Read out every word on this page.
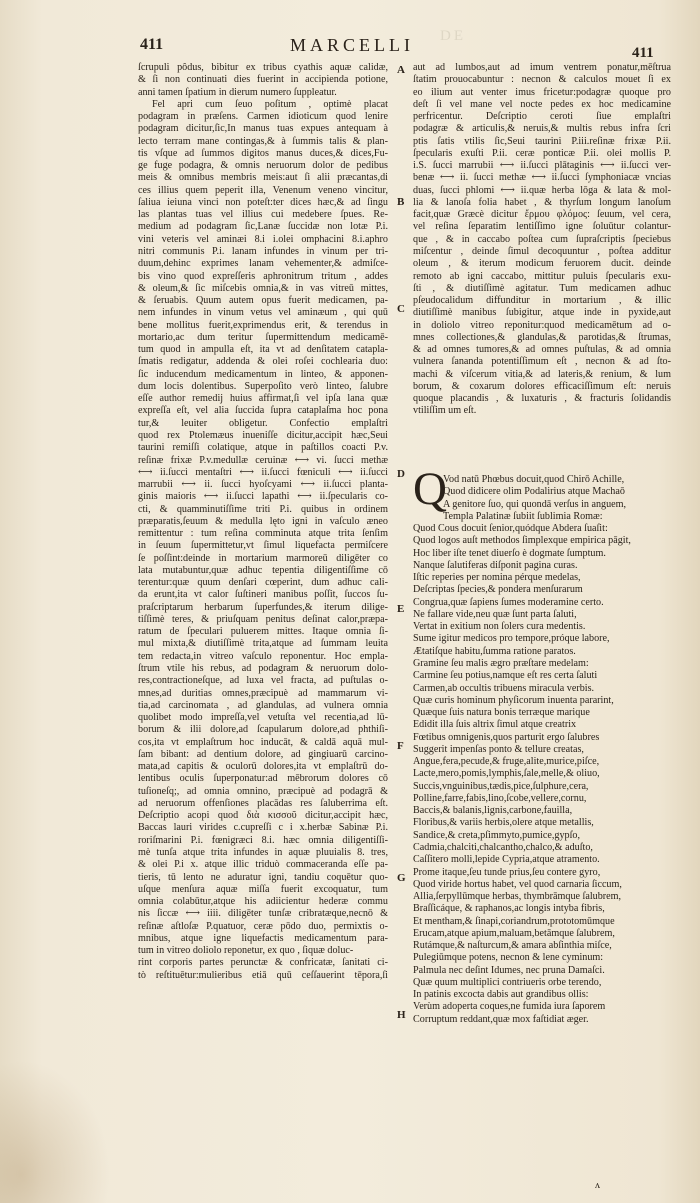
DE
411	MARCELLI	411
ſcrupuli pôdus, bibitur ex tribus cyathis aquæ calidæ,
& ſi non continuati dies fuerint in accipienda potione,
anni tamen ſpatium in dierum numero ſuppleatur.
Fel apri cum ſeuo poſitum , optimè placat
podagram in præſens. Carmen idioticum quod lenire
podagram dicitur,ſic,In manus tuas expues antequam à
lecto terram mane contingas,& à ſummis talis & plan-
tis vſque ad ſummos digitos manus duces,& dices,Fu-
ge fuge podagra, & omnis neruorum dolor de pedibus
meis & omnibus membris meis:aut ſi alii præcantas,di
ces illius quem peperit illa, Venenum veneno vincitur,
ſaliua ieiuna vinci non poteſt:ter dices hæc,& ad ſingu
las plantas tuas vel illius cui medebere ſpues. Re-
medium ad podagram ſic,Lanæ ſuccidæ non lotæ P.i.
vini veteris vel aminæi 8.i i.olei omphacini 8.i.aphro
nitri communis P.i. lanam infundes in vinum per tri-
duum,dehinc exprimes lanam vehementer,& admiſce-
bis vino quod expreſſeris aphronitrum tritum , addes
& oleum,& ſic miſcebis omnia,& in vas vitreū mittes,
& ſeruabis. Quum autem opus fuerit medicamen, pa-
nem infundes in vinum vetus vel aminæum , qui quū
bene mollitus fuerit,exprimendus erit, & terendus in
mortario,ac dum teritur ſupermittendum medicamē-
tum quod in ampulla eſt, ita vt ad denſitatem catapla-
ſmatis redigatur, addenda & olei roſei cochlearia duo:
ſic inducendum medicamentum in linteo, & apponen-
dum locis dolentibus. Superpoſito verò linteo, ſalubre
eſſe author remedij huius affirmat,ſi vel ipſa lana quæ
expreſſa eſt, vel alia ſuccida ſupra cataplaſma hoc pona
tur,& leuiter obligetur. Confectio emplaſtri
quod rex Ptolemæus inueniſſe dicitur,accipit hæc,Seui
taurini remiſſi colatique, atque in paſtillos coacti P.v.
reſinæ frixæ P.v.medullæ ceruinæ ⟷ vi. ſucci methæ
⟷ ii.ſucci mentaſtri ⟷ ii.ſucci fœniculi ⟷ ii.ſucci
marrubii ⟷ ii. ſucci hyoſcyami ⟷ ii.ſucci planta-
ginis maioris ⟷ ii.ſucci lapathi ⟷ ii.ſpecularis co-
cti, & quamminutiſſime triti P.i. quibus in ordinem
præparatis,ſeuum & medulla lęto igni in vaſculo æneo
remittentur : tum reſina comminuta atque trita ſenſim
in ſeuum ſupermittetur,vt ſimul liquefacta permiſcere
ſe poſſint:deinde in mortarium marmoreū diligēter co
lata mutabuntur,quæ adhuc tepentia diligentiſſime cō
terentur:quæ quum denſari cœperint, dum adhuc cali-
da erunt,ita vt calor ſuſtineri manibus poſſit, ſuccos ſu-
praſcriptarum herbarum ſuperfundes,& iterum dilige-
tiſſimè teres, & priuſquam penitus deſinat calor,præpa-
ratum de ſpeculari puluerem mittes. Itaque omnia ſi-
mul mixta,& diutiſſimè trita,atque ad ſummam leuita
tem redacta,in vitreo vaſculo reponentur. Hoc empla-
ſtrum vtile his rebus, ad podagram & neruorum dolo-
res,contractioneſque, ad luxa vel fracta, ad puſtulas o-
mnes,ad duritias omnes,præcipuè ad mammarum vi-
tia,ad carcinomata , ad glandulas, ad vulnera omnia
quolibet modo impreſſa,vel vetuſta vel recentia,ad lū-
borum & ilii dolore,ad ſcapularum dolore,ad phthiſi-
cos,ita vt emplaſtrum hoc inducāt, & caldā aquā mul-
ſam bibant: ad dentium dolore, ad gingiuarū carcino-
mata,ad capitis & oculorū dolores,ita vt emplaſtrū do-
lentibus oculis ſuperponatur:ad mēbrorum dolores cō
tuſioneſq;, ad omnia omnino, præcipuè ad podagrā &
ad neruorum offenſiones placādas res ſaluberrima eſt.
Deſcriptio acopi quod διὰ κισσοῦ dicitur,accipit hæc,
Baccas lauri virides c.cupreſſi c i x.herbæ Sabinæ P.i.
roriſmarini P.i. fœnigræci 8.i. hæc omnia diligentiſſi-
mè tunſa atque trita infundes in aquæ pluuialis 8. tres,
& olei P.i x. atque illic triduò commaceranda eſſe pa-
tieris, tū lento ne aduratur igni, tandiu coquētur quo-
uſque menſura aquæ miſſa fuerit excoquatur, tum
omnia colabūtur,atque his adiicientur hederæ commu
nis ſiccæ ⟷ iiii. diligēter tunſæ cribratæque,necnō &
reſinæ aſtloſæ P.quatuor, ceræ pōdo duo, permixtis o-
mnibus, atque igne liquefactis medicamentum para-
tum in vitreo doliolo reponetur, ex quo , ſiquæ doluc-
rint corporis partes perunctæ & confricatæ, ſanitati ci-
tò reſtituētur:mulieribus etiā quū ceſſauerint tēpora,ſi
aut ad lumbos,aut ad imum ventrem ponatur,mēſtrua
ſtatim prouocabuntur : necnon & calculos mouet ſi ex
eo ilium aut venter imus fricetur:podagræ quoque pro
deſt ſi vel mane vel nocte pedes ex hoc medicamine
perfricentur. Deſcriptio ceroti ſiue emplaſtri
podagræ & articulis,& neruis,& multis rebus infra ſcri
ptis ſatis vtilis ſic,Seui taurini P.iii.reſinæ frixæ P.ii.
ſpecularis exuſti P.ii. ceræ ponticæ P.ii. olei mollis P.
i.S. ſucci marrubii ⟷ ii.ſucci plātaginis ⟷ ii.ſucci ver-
benæ ⟷ ii. ſucci methæ ⟷ ii.ſucci ſymphoniacæ vncias
duas, ſucci phlomi ⟷ ii.quæ herba lōga & lata & mol-
lia & lanoſa folia habet , & thyrſum longum lanoſum
facit,quæ Græcè dicitur ἔρμου φλόμος: ſeuum, vel cera,
vel reſina ſeparatim lentiſſimo igne ſoluūtur colantur-
que , & in caccabo poſtea cum ſupraſcriptis ſpeciebus
miſcentur , deinde ſimul decoquuntur , poſtea additur
oleum , & iterum modicum feruorem ducit. deinde
remoto ab igni caccabo, mittitur puluis ſpecularis exu-
ſti , & diutiſſimè agitatur. Tum medicamen adhuc
pſeudocalidum diffunditur in mortarium , & illic
diutiſſimè manibus ſubigitur, atque inde in pyxide,aut
in doliolo vitreo reponitur:quod medicamētum ad o-
mnes collectiones,& glandulas,& parotidas,& ſtrumas,
& ad omnes tumores,& ad omnes puſtulas, & ad omnia
vulnera ſananda potentiſſimum eſt , necnon & ad ſto-
machi & viſcerum vitia,& ad lateris,& renium, & lum
borum, & coxarum dolores efficaciſſimum eſt: neruis
quoque placandis , & luxaturis , & fracturis ſolidandis
vtiliſſim um eſt.
Q
Vod natū Phœbus docuit,quod Chirō Achille,
Quod didicere olim Podalirius atque Machaō
A genitore ſuo, qui quondā verſus in anguem,
Templa Palatinæ ſubiit ſublimia Romæ:
Quod Cous docuit ſenior,quódque Abdera ſuaſit:
Quod logos auſt methodos ſimplexque empirica pāgit,
Hoc liber iſte tenet diuerſo è dogmate ſumptum.
Nanque ſalutiferas diſponit pagina curas.
Iſtic reperies per nomina pérque medelas,
Deſcriptas ſpecies,& pondera menſurarum
Congrua,quæ ſapiens ſumes moderamine certo.
Ne fallare vide,neu quæ ſunt parta ſaluti,
Vertat in exitium non ſolers cura medentis.
Sume igitur medicos pro tempore,próque labore,
Ætatiſque habitu,ſumma ratione paratos.
Gramine ſeu malis ægro præſtare medelam:
Carmine ſeu potius,namque eſt res certa ſaluti
Carmen,ab occultis tribuens miracula verbis.
Quæ curis hominum phyſicorum inuenta pararint,
Quæque ſuis natura bonis terræque marique
Edidit illa ſuis altrix ſimul atque creatrix
Fœtibus omnigenis,quos parturit ergo ſalubres
Suggerit impenſas ponto & tellure creatas,
Angue,fera,pecude,& fruge,alite,murice,piſce,
Lacte,mero,pomis,lymphis,ſale,melle,& oliuo,
Succis,vnguinibus,tædis,pice,ſulphure,cera,
Polline,farre,fabis,lino,ſcobe,vellere,cornu,
Baccis,& balanis,lignis,carbone,fauilla,
Floribus,& variis herbis,olere atque metallis,
Sandice,& creta,pſimmyto,pumice,gypſo,
Cadmia,chalciti,chalcantho,chalco,& aduſto,
Caſſitero molli,lepide Cypria,atque atramento.
Prome itaque,ſeu tunde prius,ſeu contere gyro,
Quod viride hortus habet, vel quod carnaria ſiccum,
Allia,ſerpyllūmque herbas, thymbrāmque ſalubrem,
Braſſicáque, & raphanos,ac longis intyba fibris,
Et mentham,& ſinapi,coriandrum,prototomūmque
Erucam,atque apium,maluam,betāmque ſalubrem,
Rutámque,& naſturcum,& amara abſinthia miſce,
Pulegiūmque potens, necnon & lene cyminum:
Palmula nec deſint Idumes, nec pruna Damaſci.
Quæ quum multiplici contriueris orbe terendo,
In patinis excocta dabis aut grandibus ollis:
Verùm adoperta coques,ne fumida iura ſaporem
Corruptum reddant,quæ mox faſtidiat æger.
A
B
C
D
E
F
G
H
ʌ
